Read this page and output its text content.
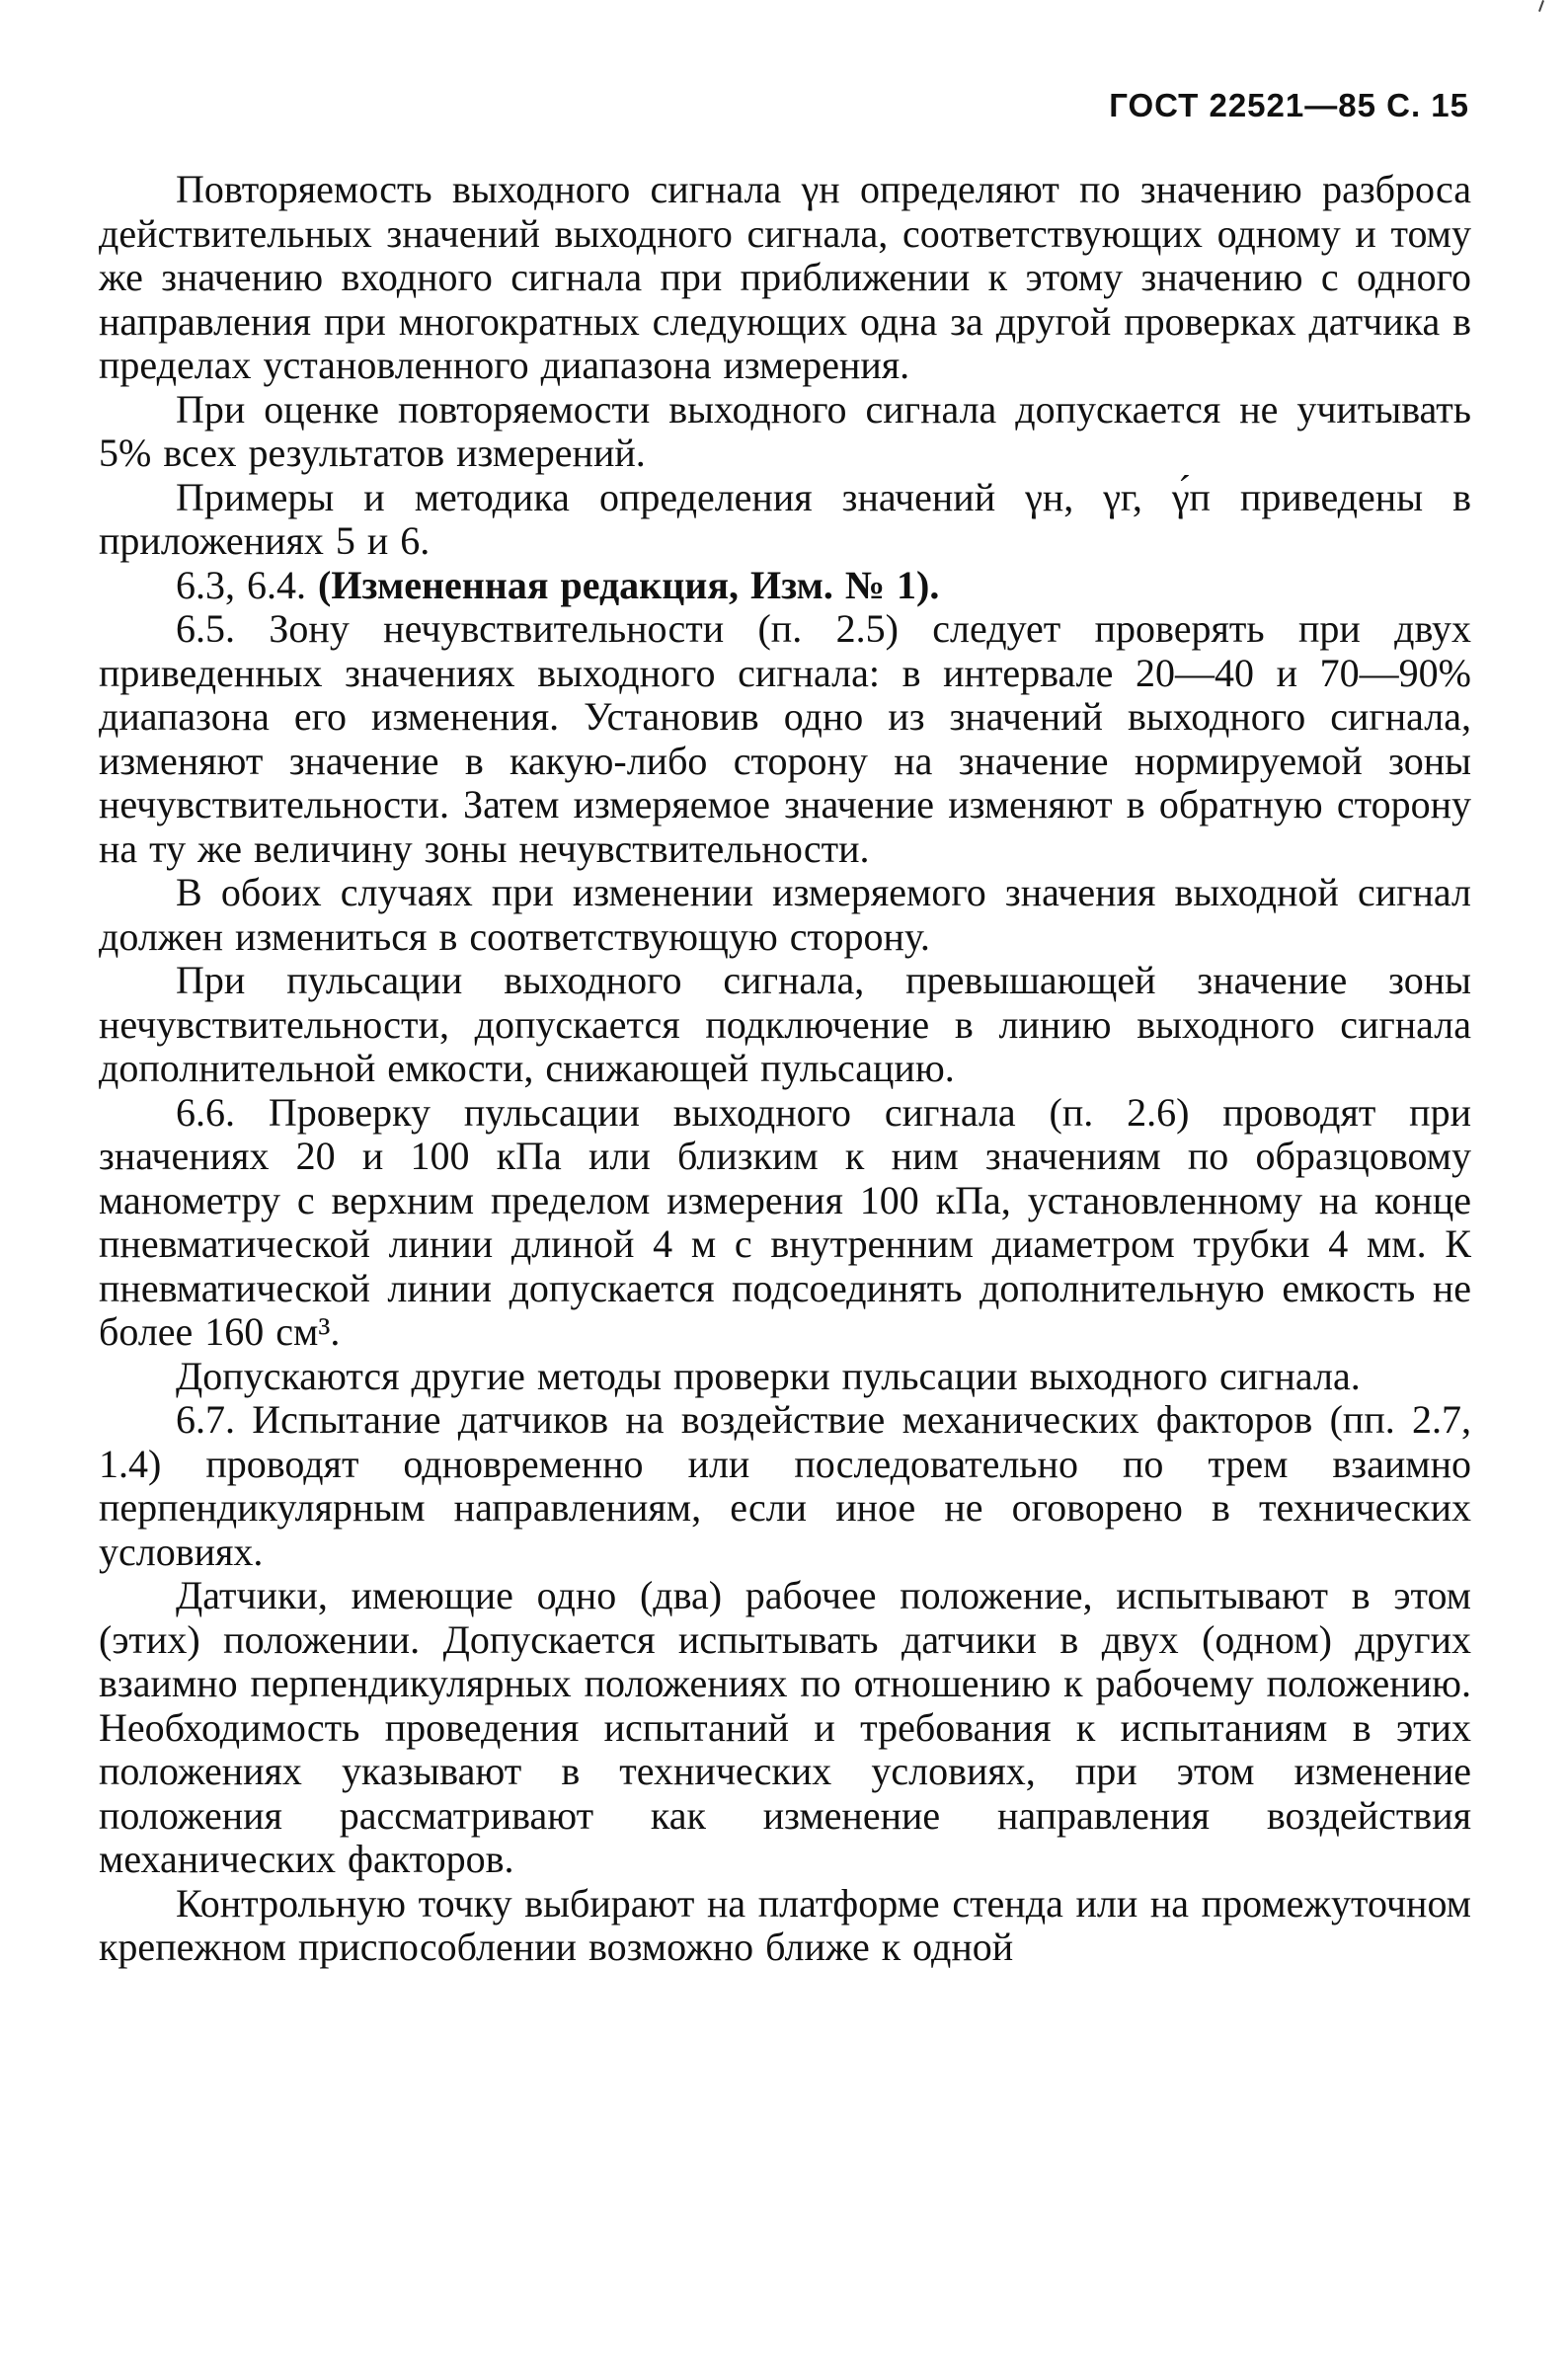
ГОСТ 22521—85 С. 15

Повторяемость выходного сигнала γн определяют по значению разброса действительных значений выходного сигнала, соответствующих одному и тому же значению входного сигнала при приближении к этому значению с одного направления при многократных следующих одна за другой проверках датчика в пределах установленного диапазона измерения.

При оценке повторяемости выходного сигнала допускается не учитывать 5% всех результатов измерений.

Примеры и методика определения значений γн, γг, γ́п приведены в приложениях 5 и 6.

6.3, 6.4. (Измененная редакция, Изм. № 1).

6.5. Зону нечувствительности (п. 2.5) следует проверять при двух приведенных значениях выходного сигнала: в интервале 20—40 и 70—90% диапазона его изменения. Установив одно из значений выходного сигнала, изменяют значение в какую-либо сторону на значение нормируемой зоны нечувствительности. Затем измеряемое значение изменяют в обратную сторону на ту же величину зоны нечувствительности.

В обоих случаях при изменении измеряемого значения выходной сигнал должен измениться в соответствующую сторону.

При пульсации выходного сигнала, превышающей значение зоны нечувствительности, допускается подключение в линию выходного сигнала дополнительной емкости, снижающей пульсацию.

6.6. Проверку пульсации выходного сигнала (п. 2.6) проводят при значениях 20 и 100 кПа или близким к ним значениям по образцовому манометру с верхним пределом измерения 100 кПа, установленному на конце пневматической линии длиной 4 м с внутренним диаметром трубки 4 мм. К пневматической линии допускается подсоединять дополнительную емкость не более 160 см³.

Допускаются другие методы проверки пульсации выходного сигнала.

6.7. Испытание датчиков на воздействие механических факторов (пп. 2.7, 1.4) проводят одновременно или последовательно по трем взаимно перпендикулярным направлениям, если иное не оговорено в технических условиях.

Датчики, имеющие одно (два) рабочее положение, испытывают в этом (этих) положении. Допускается испытывать датчики в двух (одном) других взаимно перпендикулярных положениях по отношению к рабочему положению. Необходимость проведения испытаний и требования к испытаниям в этих положениях указывают в технических условиях, при этом изменение положения рассматривают как изменение направления воздействия механических факторов.

Контрольную точку выбирают на платформе стенда или на промежуточном крепежном приспособлении возможно ближе к одной
